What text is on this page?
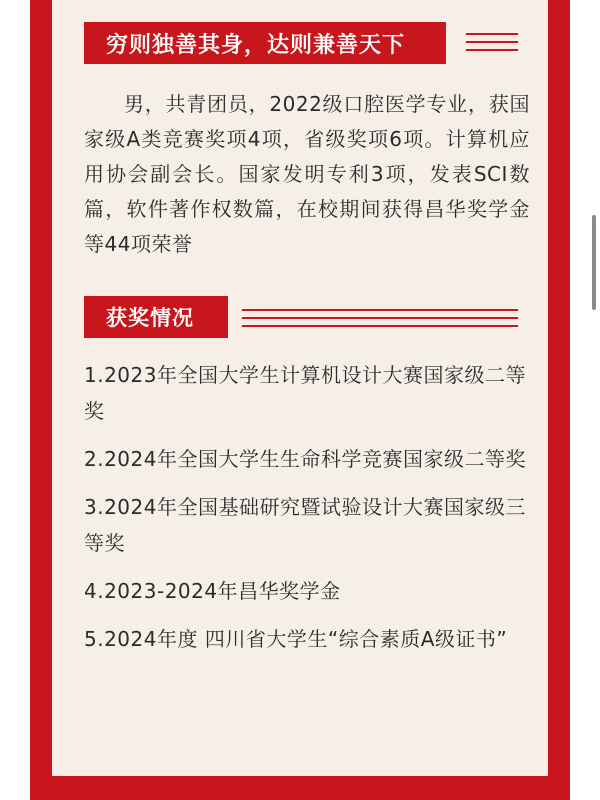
穷则独善其身，达则兼善天下

男，共青团员，2022级口腔医学专业，获国家级A类竞赛奖项4项，省级奖项6项。计算机应用协会副会长。国家发明专利3项，发表SCI数篇，软件著作权数篇，在校期间获得昌华奖学金等44项荣誉

获奖情况
1.2023年全国大学生计算机设计大赛国家级二等奖
2.2024年全国大学生生命科学竞赛国家级二等奖
3.2024年全国基础研究暨试验设计大赛国家级三等奖
4.2023-2024年昌华奖学金
5.2024年度 四川省大学生“综合素质A级证书”
